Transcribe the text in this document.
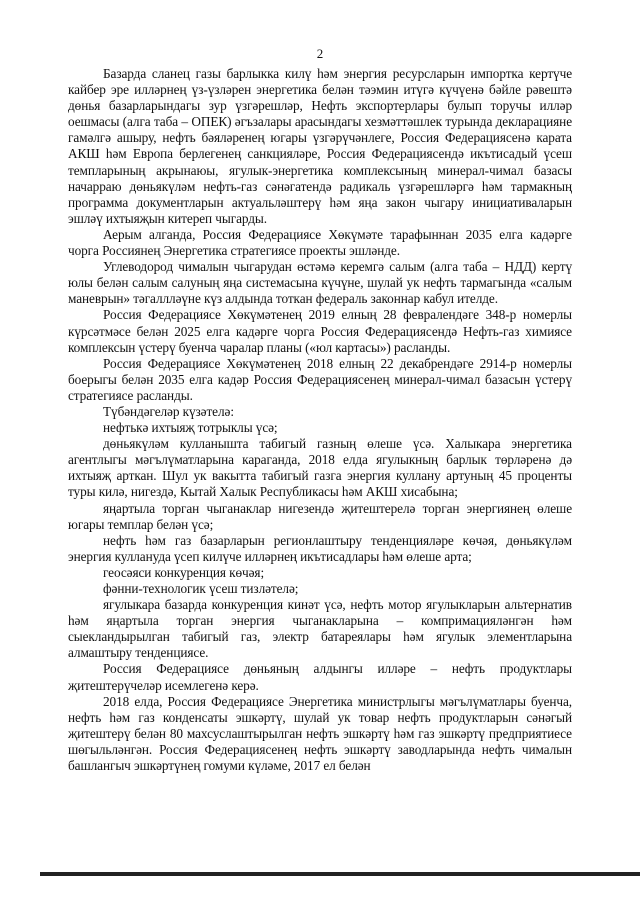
2

Базарда сланец газы барлыкка килү һәм энергия ресурсларын импортка кертүче кайбер эре илләрнең үз-үзләрен энергетика белән тәэмин итүгә күчүенә бәйле рәвештә дөнья базарларындагы зур үзгәрешләр, Нефть экспортерлары булып торучы илләр оешмасы (алга таба – ОПЕК) әгъзалары арасындагы хезмәттәшлек турында декларацияне гамәлгә ашыру, нефть бәяләренең югары үзгәрүчәнлеге, Россия Федерациясенә карата АКШ һәм Европа берлегенең санкцияләре, Россия Федерациясендә икътисадый үсеш темпларының акрынаюы, ягулык-энергетика комплексының минерал-чимал базасы начарраю дөньякүләм нефть-газ сәнәгатендә радикаль үзгәрешләргә һәм тармакның программа документларын актуальләштерү һәм яңа закон чыгару инициативаларын эшләү ихтыяҗын китереп чыгарды.

Аерым алганда, Россия Федерациясе Хөкүмәте тарафыннан 2035 елга кадәрге чорга Россиянең Энергетика стратегиясе проекты эшләнде.

Углеводород чималын чыгарудан өстәмә керемгә салым (алга таба – НДД) кертү юлы белән салым салуның яңа системасына күчүне, шулай ук нефть тармагында «салым маневрын» тәгаллләүне күз алдында тоткан федераль законнар кабул ителде.

Россия Федерациясе Хөкүмәтенең 2019 елның 28 февралендәге 348-р номерлы күрсәтмәсе белән 2025 елга кадәрге чорга Россия Федерациясендә Нефть-газ химиясе комплексын үстерү буенча чаралар планы («юл картасы») расланды.

Россия Федерациясе Хөкүмәтенең 2018 елның 22 декабрендәге 2914-р номерлы боерыгы белән 2035 елга кадәр Россия Федерациясенең минерал-чимал базасын үстерү стратегиясе расланды.

Түбәндәгеләр күзәтелә:

нефтькә ихтыяҗ тотрыклы үсә;

дөньякүләм кулланышта табигый газның өлеше үсә. Халыкара энергетика агентлыгы мәгълүматларына караганда, 2018 елда ягулыкның барлык төрләренә дә ихтыяҗ арткан. Шул ук вакытта табигый газга энергия куллану артуның 45 проценты туры килә, нигездә, Кытай Халык Республикасы һәм АКШ хисабына;

яңартыла торган чыганаклар нигезендә җитештерелә торган энергиянең өлеше югары темплар белән үсә;

нефть һәм газ базарларын регионлаштыру тенденцияләре көчәя, дөньякүләм энергия куллануда үсеп килүче илләрнең икътисадлары һәм өлеше арта;

геосәяси конкуренция көчәя;

фәнни-технологик үсеш тизләтелә;

ягулыкара базарда конкуренция кинәт үсә, нефть мотор ягулыкларын альтернатив һәм яңартыла торган энергия чыганакларына – компримацияләнгән һәм сыекландырылган табигый газ, электр батареялары һәм ягулык элементларына алмаштыру тенденциясе.

Россия Федерациясе дөньяның алдынгы илләре – нефть продуктлары җитештерүчеләр исемлегенә керә.

2018 елда, Россия Федерациясе Энергетика министрлыгы мәгълүматлары буенча, нефть һәм газ конденсаты эшкәртү, шулай ук товар нефть продуктларын сәнәгый җитештерү белән 80 махсуслаштырылган нефть эшкәртү һәм газ эшкәртү предприятиесе шөгыльләнгән. Россия Федерациясенең нефть эшкәртү заводларында нефть чималын башлангыч эшкәртүнең гомуми күләме, 2017 ел белән
